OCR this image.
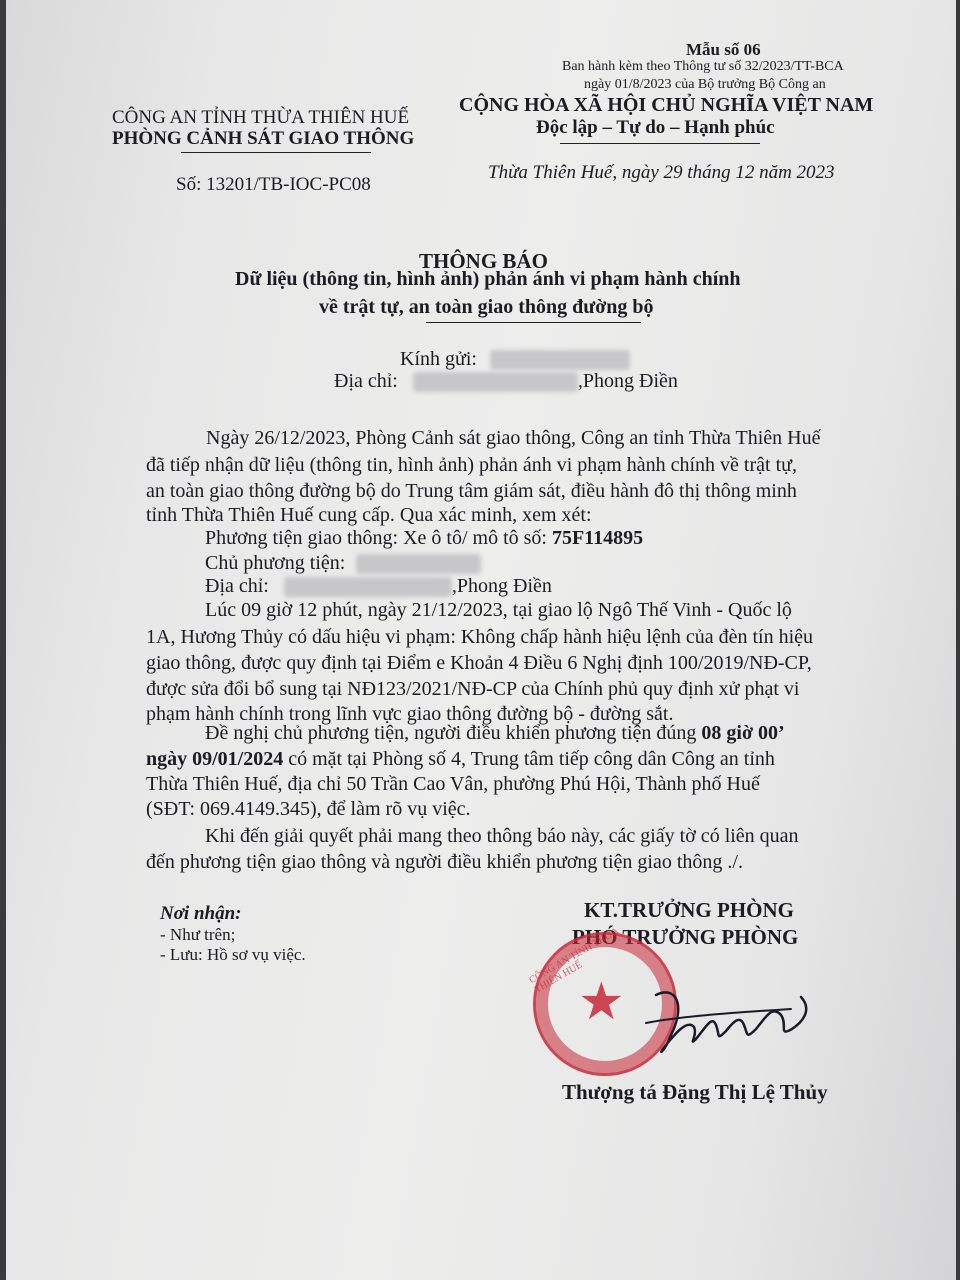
Mẫu số 06
Ban hành kèm theo Thông tư số 32/2023/TT-BCA
ngày 01/8/2023 của Bộ trưởng Bộ Công an
CÔNG AN TỈNH THỪA THIÊN HUẾ
PHÒNG CẢNH SÁT GIAO THÔNG
CỘNG HÒA XÃ HỘI CHỦ NGHĨA VIỆT NAM
Độc lập – Tự do – Hạnh phúc
Số: 13201/TB-IOC-PC08
Thừa Thiên Huế, ngày 29 tháng 12 năm 2023
THÔNG BÁO
Dữ liệu (thông tin, hình ảnh) phản ánh vi phạm hành chính
về trật tự, an toàn giao thông đường bộ
Kính gửi:
Địa chỉ:	,Phong Điền
Ngày 26/12/2023, Phòng Cảnh sát giao thông, Công an tỉnh Thừa Thiên Huế
đã tiếp nhận dữ liệu (thông tin, hình ảnh) phản ánh vi phạm hành chính về trật tự,
an toàn giao thông đường bộ do Trung tâm giám sát, điều hành đô thị thông minh
tỉnh Thừa Thiên Huế cung cấp. Qua xác minh, xem xét:
Phương tiện giao thông: Xe ô tô/ mô tô số: 75F114895
Chủ phương tiện:
Địa chỉ:	,Phong Điền
Lúc 09 giờ 12 phút, ngày 21/12/2023, tại giao lộ Ngô Thế Vinh - Quốc lộ
1A, Hương Thủy có dấu hiệu vi phạm: Không chấp hành hiệu lệnh của đèn tín hiệu
giao thông, được quy định tại Điểm e Khoản 4 Điều 6 Nghị định 100/2019/NĐ-CP,
được sửa đổi bổ sung tại NĐ123/2021/NĐ-CP của Chính phủ quy định xử phạt vi
phạm hành chính trong lĩnh vực giao thông đường bộ - đường sắt.
Đề nghị chủ phương tiện, người điều khiển phương tiện đúng 08 giờ 00’
ngày 09/01/2024 có mặt tại Phòng số 4, Trung tâm tiếp công dân Công an tỉnh
Thừa Thiên Huế, địa chỉ 50 Trần Cao Vân, phường Phú Hội, Thành phố Huế
(SĐT: 069.4149.345), để làm rõ vụ việc.
Khi đến giải quyết phải mang theo thông báo này, các giấy tờ có liên quan
đến phương tiện giao thông và người điều khiển phương tiện giao thông ./.
Nơi nhận:
- Như trên;
- Lưu: Hồ sơ vụ việc.
KT.TRƯỞNG PHÒNG
PHÓ TRƯỞNG PHÒNG
CÔNG AN TỈNH THỪA THIÊN HUẾ
★
Thượng tá Đặng Thị Lệ Thủy
